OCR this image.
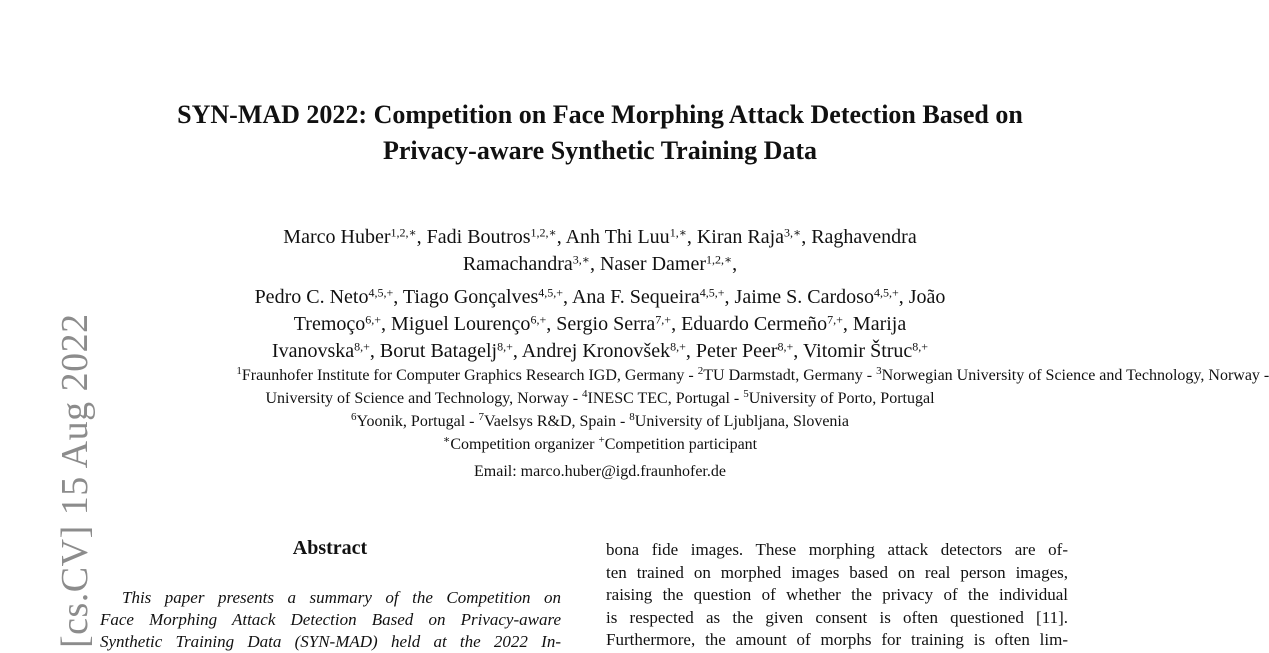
[cs.CV] 15 Aug 2022
SYN-MAD 2022: Competition on Face Morphing Attack Detection Based on
Privacy-aware Synthetic Training Data
Marco Huber$^{1,2,∗}$, Fadi Boutros$^{1,2,∗}$, Anh Thi Luu$^{1,∗}$, Kiran Raja$^{3,∗}$, Raghavendra
Ramachandra$^{3,∗}$, Naser Damer$^{1,2,∗}$,
Pedro C. Neto$^{4,5,+}$, Tiago Gonçalves$^{4,5,+}$, Ana F. Sequeira$^{4,5,+}$, Jaime S. Cardoso$^{4,5,+}$, João
Tremoço$^{6,+}$, Miguel Lourenço$^{6,+}$, Sergio Serra$^{7,+}$, Eduardo Cermeño$^{7,+}$, Marija
Ivanovska$^{8,+}$, Borut Batagelj$^{8,+}$, Andrej Kronovšek$^{8,+}$, Peter Peer$^{8,+}$, Vitomir Štruc$^{8,+}$
$^1$Fraunhofer Institute for Computer Graphics Research IGD, Germany - $^2$TU Darmstadt, Germany - $^3$Norwegian University of Science and Technology, Norway -
University of Science and Technology, Norway - $^4$INESC TEC, Portugal - $^5$University of Porto, Portugal
$^6$Yoonik, Portugal - $^7$Vaelsys R&D, Spain - $^8$University of Ljubljana, Slovenia
∗Competition organizer +Competition participant
Email: marco.huber@igd.fraunhofer.de
Abstract
This paper presents a summary of the Competition on
Face Morphing Attack Detection Based on Privacy-aware
Synthetic Training Data (SYN-MAD) held at the 2022 In-
bona fide images. These morphing attack detectors are of-
ten trained on morphed images based on real person images,
raising the question of whether the privacy of the individual
is respected as the given consent is often questioned [11].
Furthermore, the amount of morphs for training is often lim-
